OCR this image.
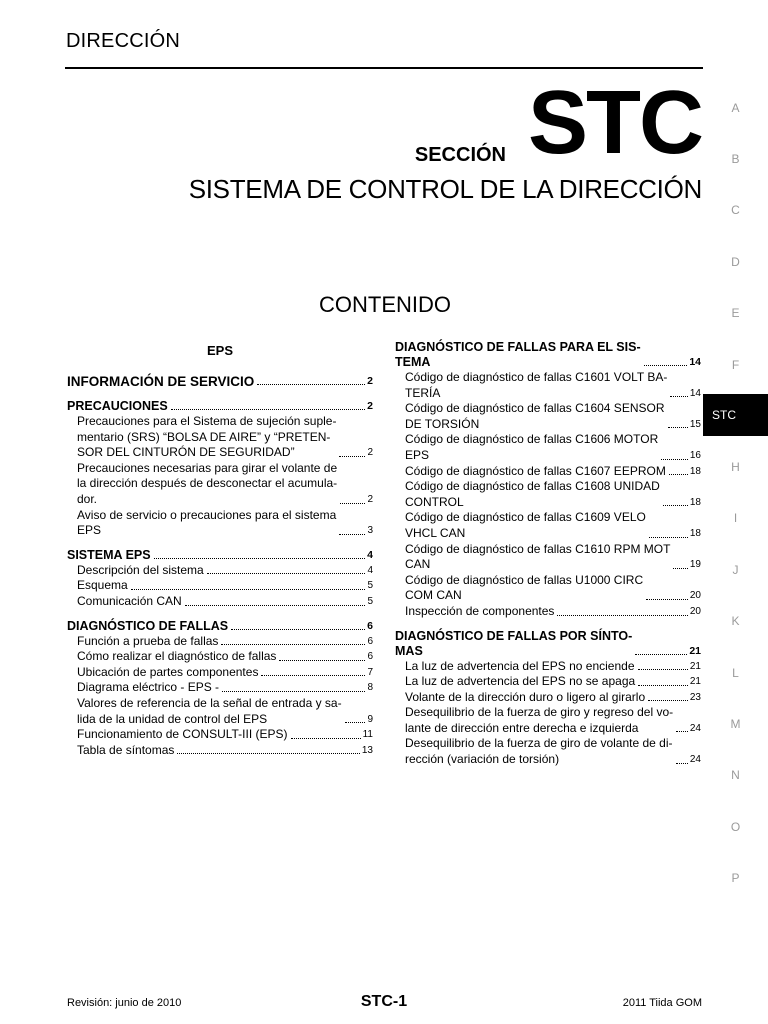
DIRECCIÓN
SECCIÓN STC
SISTEMA DE CONTROL DE LA DIRECCIÓN
CONTENIDO
EPS
INFORMACIÓN DE SERVICIO	2
PRECAUCIONES	2
Precauciones para el Sistema de sujeción suple-
mentario (SRS) “BOLSA DE AIRE” y “PRETEN-
SOR DEL CINTURÓN DE SEGURIDAD”	2
Precauciones necesarias para girar el volante de
la dirección después de desconectar el acumula-
dor.	2
Aviso de servicio o precauciones para el sistema
EPS	3
SISTEMA EPS	4
Descripción del sistema	4
Esquema	5
Comunicación CAN	5
DIAGNÓSTICO DE FALLAS	6
Función a prueba de fallas	6
Cómo realizar el diagnóstico de fallas	6
Ubicación de partes componentes	7
Diagrama eléctrico - EPS -	8
Valores de referencia de la señal de entrada y sa-
lida de la unidad de control del EPS	9
Funcionamiento de CONSULT-III (EPS)	11
Tabla de síntomas	13
DIAGNÓSTICO DE FALLAS PARA EL SIS-
TEMA	14
Código de diagnóstico de fallas C1601 VOLT BA-
TERÍA	14
Código de diagnóstico de fallas C1604 SENSOR
DE TORSIÓN	15
Código de diagnóstico de fallas C1606 MOTOR
EPS	16
Código de diagnóstico de fallas C1607 EEPROM 18
Código de diagnóstico de fallas C1608 UNIDAD
CONTROL	18
Código de diagnóstico de fallas C1609 VELO
VHCL CAN	18
Código de diagnóstico de fallas C1610 RPM MOT
CAN	19
Código de diagnóstico de fallas U1000 CIRC
COM CAN	20
Inspección de componentes	20
DIAGNÓSTICO DE FALLAS POR SÍNTO-
MAS	21
La luz de advertencia del EPS no enciende	21
La luz de advertencia del EPS no se apaga	21
Volante de la dirección duro o ligero al girarlo	23
Desequilibrio de la fuerza de giro y regreso del vo-
lante de dirección entre derecha e izquierda	24
Desequilibrio de la fuerza de giro de volante de di-
rección (variación de torsión)	24
A
B
C
D
E
F
STC
H
I
J
K
L
M
N
O
P
Revisión: junio de 2010	STC-1	2011 Tiida GOM
